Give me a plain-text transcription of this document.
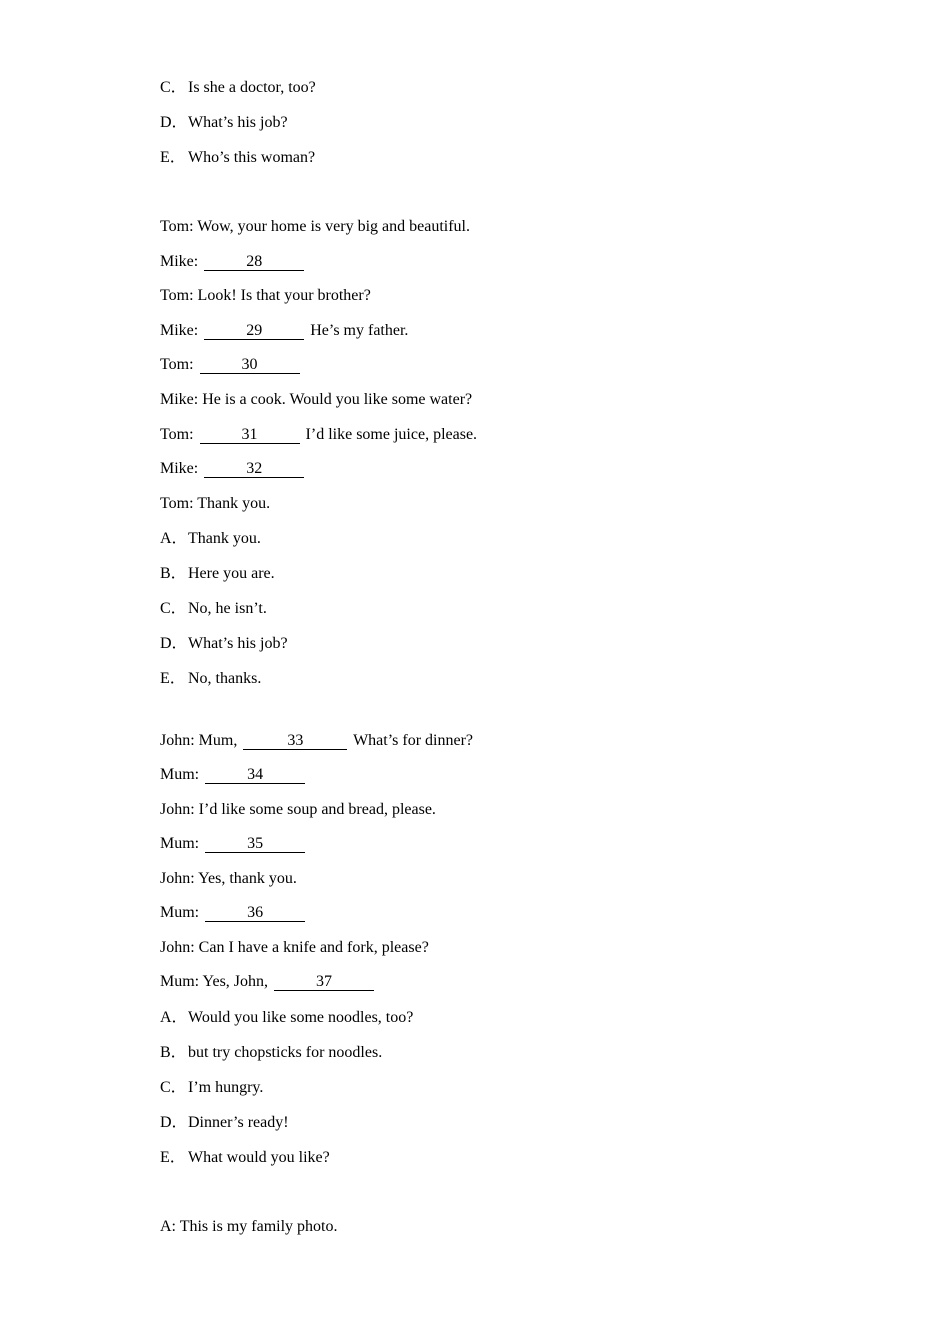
C．Is she a doctor, too?
D．What’s his job?
E． Who’s this woman?
Tom: Wow, your home is very big and beautiful.
Mike:	28
Tom: Look! Is that your brother?
Mike:	29	He’s my father.
Tom:	30
Mike: He is a cook. Would you like some water?
Tom:	31	I’d like some juice, please.
Mike:	32
Tom: Thank you.
A．Thank you.
B．Here you are.
C．No, he isn’t.
D．What’s his job?
E． No, thanks.
John: Mum,	33	What’s for dinner?
Mum:	34
John: I’d like some soup and bread, please.
Mum:	35
John: Yes, thank you.
Mum:	36
John: Can I have a knife and fork, please?
Mum: Yes, John,	37
A．Would you like some noodles, too?
B．but try chopsticks for noodles.
C．I’m hungry.
D．Dinner’s ready!
E． What would you like?
A: This is my family photo.
